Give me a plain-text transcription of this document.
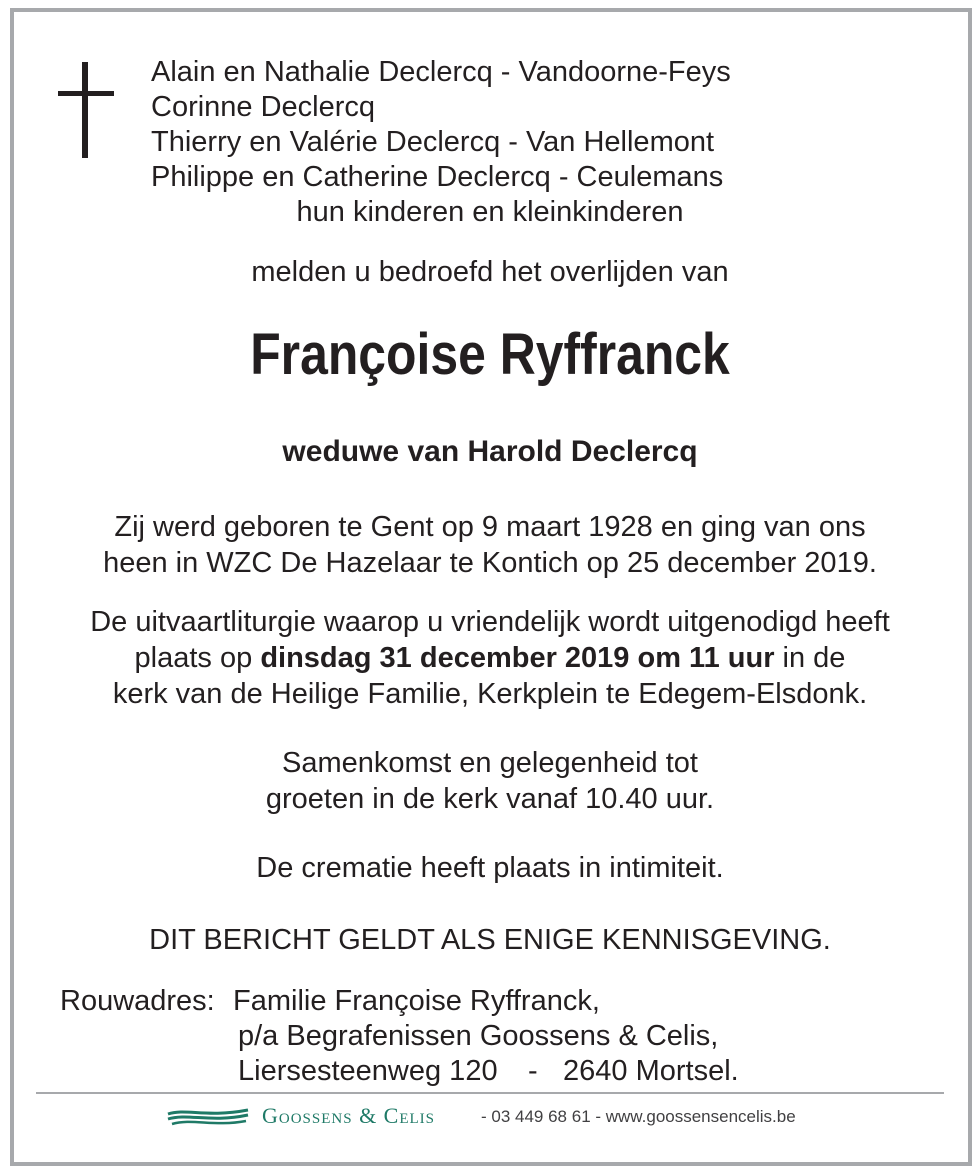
Alain en Nathalie Declercq - Vandoorne-Feys
Corinne Declercq
Thierry en Valérie Declercq - Van Hellemont
Philippe en Catherine Declercq - Ceulemans
hun kinderen en kleinkinderen
melden u bedroefd het overlijden van
Françoise Ryffranck
weduwe van Harold Declercq
Zij werd geboren te Gent op 9 maart 1928 en ging van ons
heen in WZC De Hazelaar te Kontich op 25 december 2019.
De uitvaartliturgie waarop u vriendelijk wordt uitgenodigd heeft
plaats op dinsdag 31 december 2019 om 11 uur in de
kerk van de Heilige Familie, Kerkplein te Edegem-Elsdonk.
Samenkomst en gelegenheid tot
groeten in de kerk vanaf 10.40 uur.
De crematie heeft plaats in intimiteit.
DIT BERICHT GELDT ALS ENIGE KENNISGEVING.
Rouwadres: Familie Françoise Ryffranck,
p/a Begrafenissen Goossens & Celis,
Liersesteenweg 120 - 2640 Mortsel.
Goossens & Celis	- 03 449 68 61 - www.goossensencelis.be
